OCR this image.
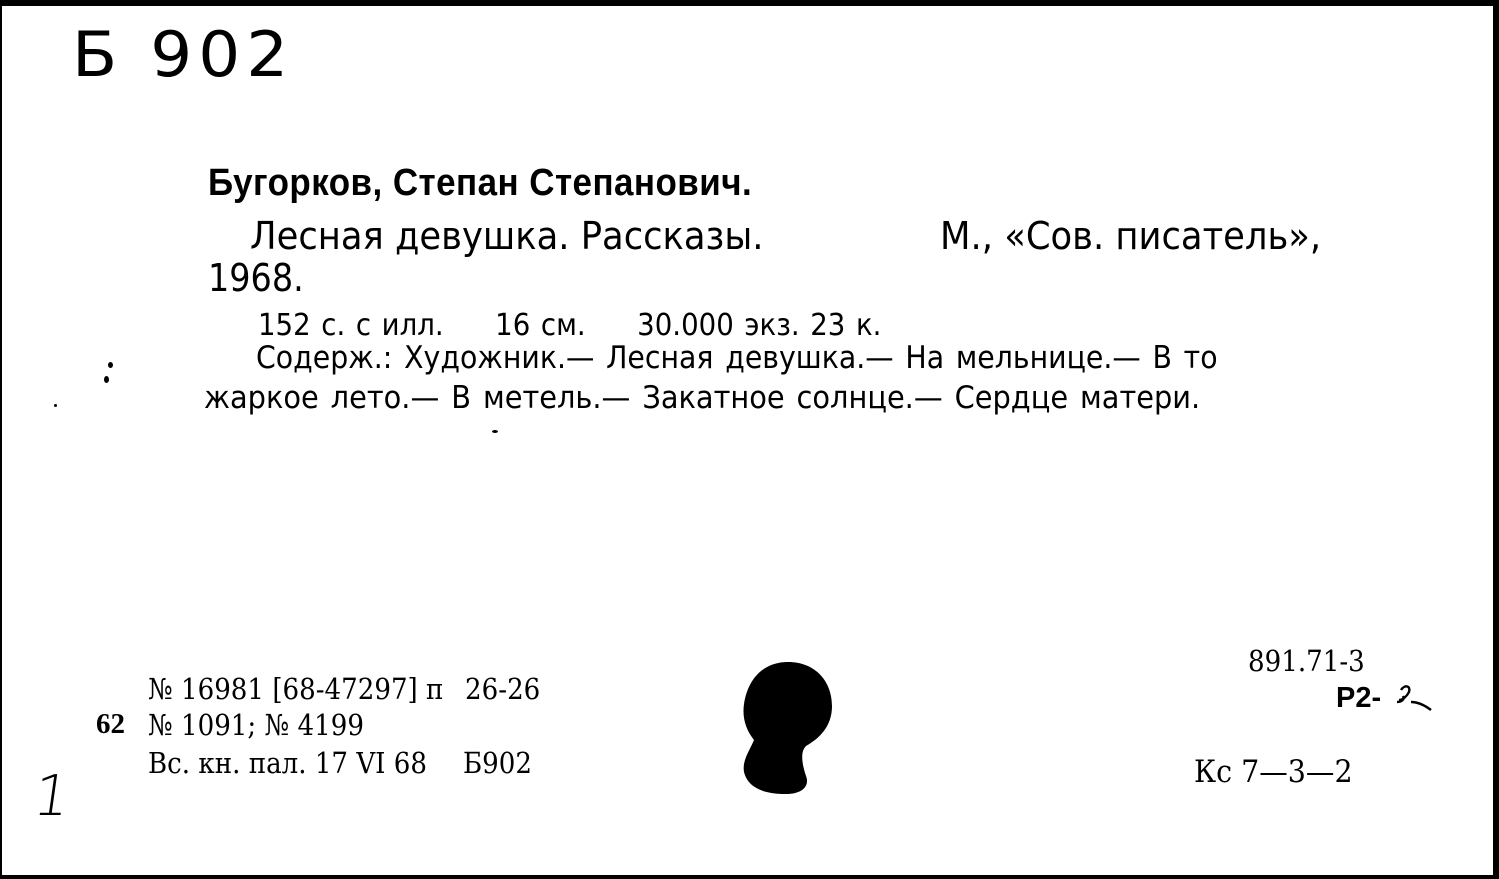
Б 902
Бугорков, Степан Степанович.
Лесная девушка. Рассказы.	М., «Сов. писатель»,
1968.
152 с. с илл. 16 см. 30.000 экз. 23 к.
Содерж.: Художник.— Лесная девушка.— На мельнице.— В то
жаркое лето.— В метель.— Закатное солнце.— Сердце матери.
№ 16981 [68-47297] п 26-26
62 № 1091; № 4199
Вс. кн. пал. 17 VI 68 Б902
891.71-3
Р2-
Кс 7—3—2
1
